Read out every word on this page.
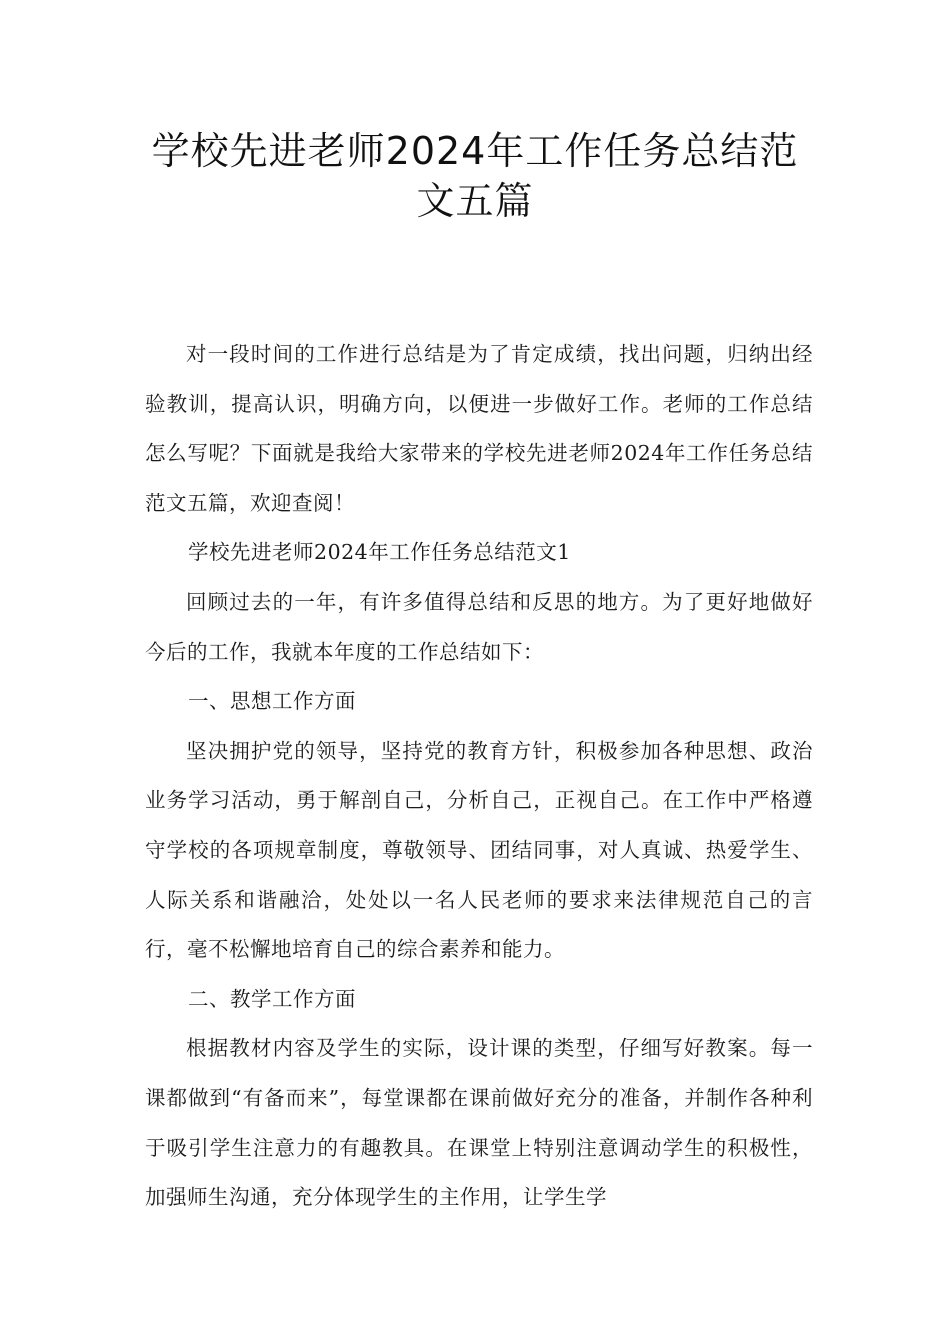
学校先进老师2024年工作任务总结范
文五篇

对一段时间的工作进行总结是为了肯定成绩，找出问题，归纳出经验教训，提高认识，明确方向，以便进一步做好工作。老师的工作总结怎么写呢？下面就是我给大家带来的学校先进老师2024年工作任务总结范文五篇，欢迎查阅！

学校先进老师2024年工作任务总结范文1

回顾过去的一年，有许多值得总结和反思的地方。为了更好地做好今后的工作，我就本年度的工作总结如下：

一、思想工作方面

坚决拥护党的领导，坚持党的教育方针，积极参加各种思想、政治业务学习活动，勇于解剖自己，分析自己，正视自己。在工作中严格遵守学校的各项规章制度，尊敬领导、团结同事，对人真诚、热爱学生、人际关系和谐融洽，处处以一名人民老师的要求来法律规范自己的言行，毫不松懈地培育自己的综合素养和能力。

二、教学工作方面

根据教材内容及学生的实际，设计课的类型，仔细写好教案。每一课都做到“有备而来”，每堂课都在课前做好充分的准备，并制作各种利于吸引学生注意力的有趣教具。在课堂上特别注意调动学生的积极性，加强师生沟通，充分体现学生的主作用，让学生学
